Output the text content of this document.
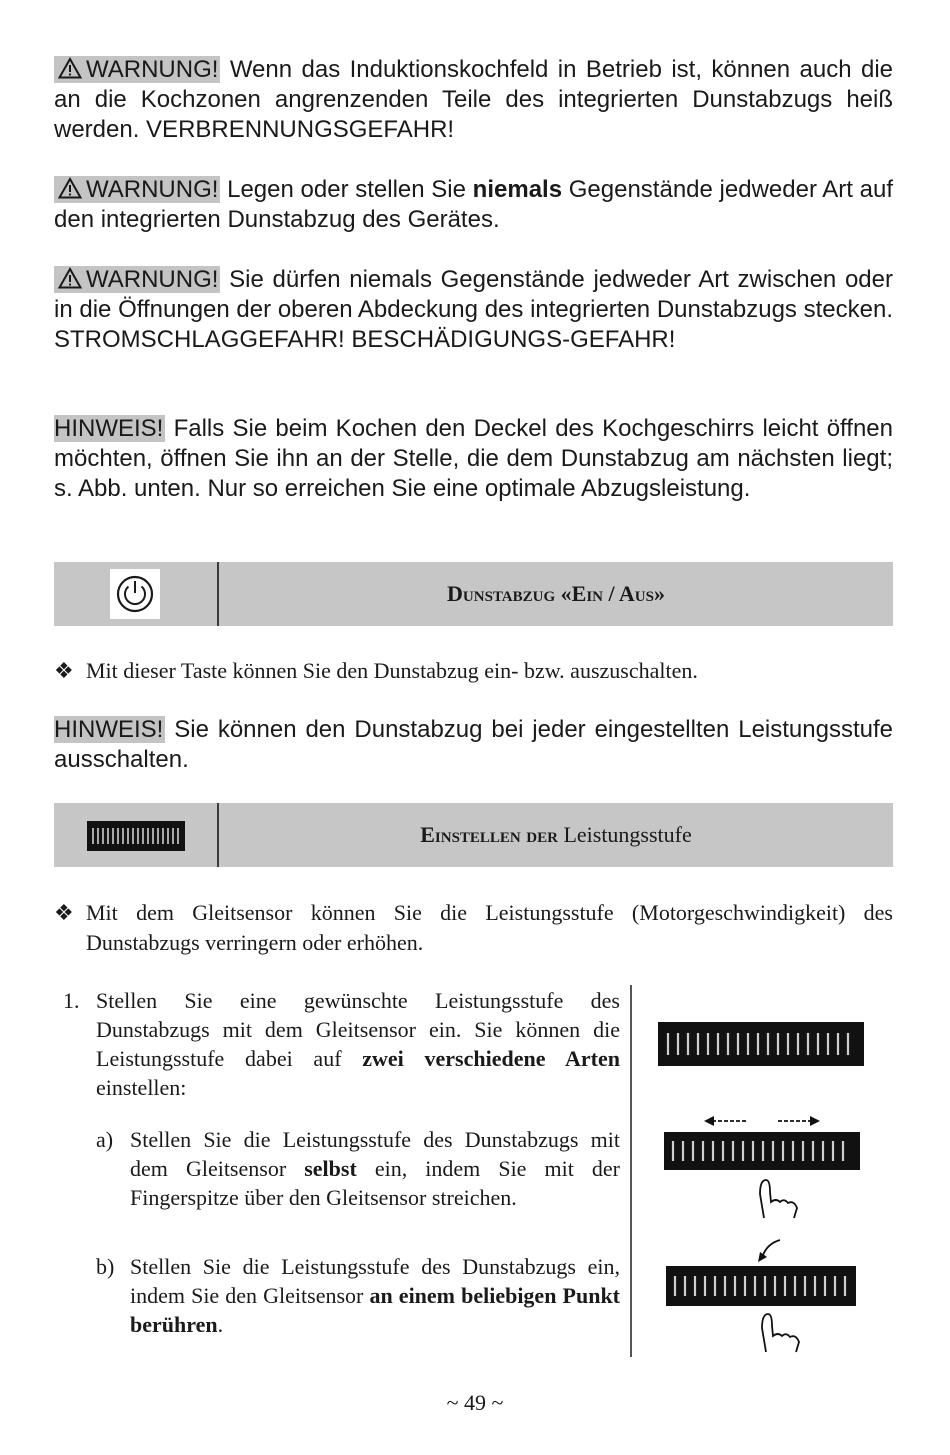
WARNUNG! Wenn das Induktionskochfeld in Betrieb ist, können auch die an die Kochzonen angrenzenden Teile des integrierten Dunstabzugs heiß werden. VERBRENNUNGSGEFAHR!
WARNUNG! Legen oder stellen Sie niemals Gegenstände jedweder Art auf den integrierten Dunstabzug des Gerätes.
WARNUNG! Sie dürfen niemals Gegenstände jedweder Art zwischen oder in die Öffnungen der oberen Abdeckung des integrierten Dunstabzugs stecken. STROMSCHLAGGEFAHR! BESCHÄDIGUNGS-GEFAHR!
HINWEIS! Falls Sie beim Kochen den Deckel des Kochgeschirrs leicht öffnen möchten, öffnen Sie ihn an der Stelle, die dem Dunstabzug am nächsten liegt; s. Abb. unten. Nur so erreichen Sie eine optimale Abzugsleistung.
Dunstabzug «Ein / Aus»
❖ Mit dieser Taste können Sie den Dunstabzug ein- bzw. auszuschalten.
HINWEIS! Sie können den Dunstabzug bei jeder eingestellten Leistungsstufe ausschalten.
Einstellen der Leistungsstufe
❖ Mit dem Gleitsensor können Sie die Leistungsstufe (Motorgeschwindigkeit) des Dunstabzugs verringern oder erhöhen.
1. Stellen Sie eine gewünschte Leistungsstufe des Dunstabzugs mit dem Gleitsensor ein. Sie können die Leistungsstufe dabei auf zwei verschiedene Arten einstellen:
a) Stellen Sie die Leistungsstufe des Dunstabzugs mit dem Gleitsensor selbst ein, indem Sie mit der Fingerspitze über den Gleitsensor streichen.
b) Stellen Sie die Leistungsstufe des Dunstabzugs ein, indem Sie den Gleitsensor an einem beliebigen Punkt berühren.
~ 49 ~
